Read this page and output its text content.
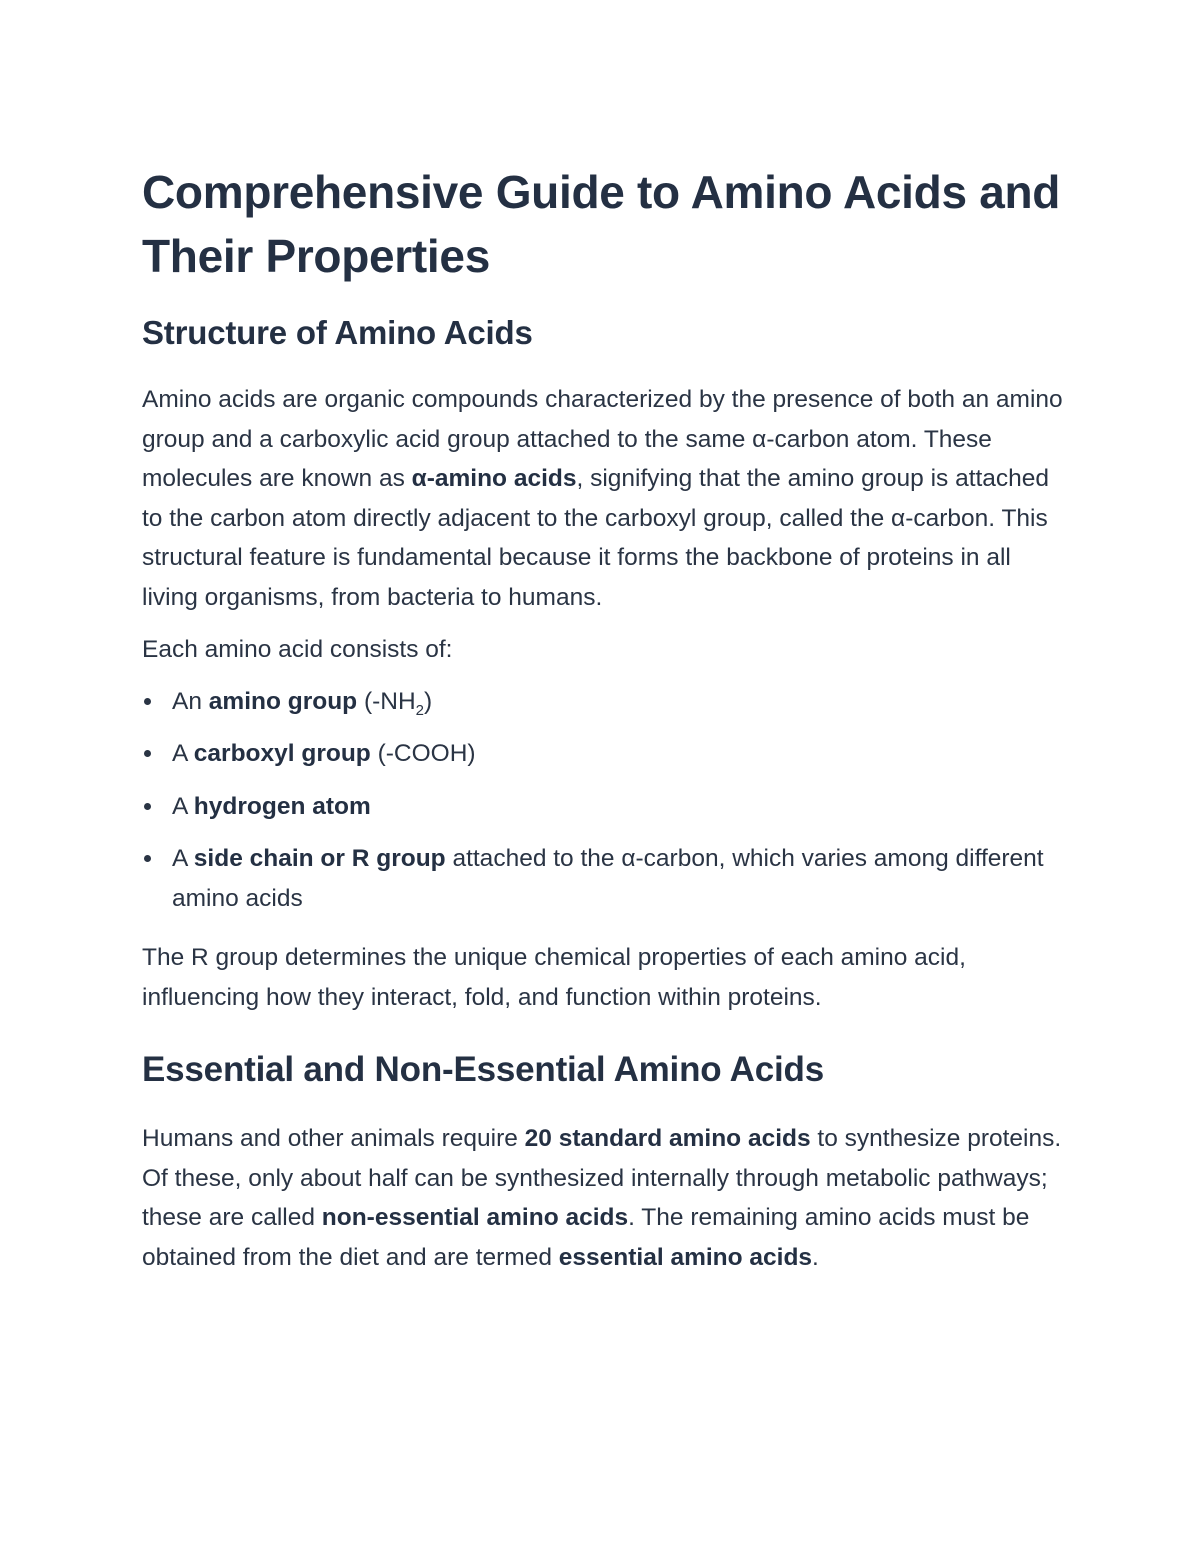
Comprehensive Guide to Amino Acids and Their Properties
Structure of Amino Acids

Amino acids are organic compounds characterized by the presence of both an amino group and a carboxylic acid group attached to the same α-carbon atom. These molecules are known as α-amino acids, signifying that the amino group is attached to the carbon atom directly adjacent to the carboxyl group, called the α-carbon. This structural feature is fundamental because it forms the backbone of proteins in all living organisms, from bacteria to humans.

Each amino acid consists of:

An amino group $(-NH_2)$
A carboxyl group (-COOH)
A hydrogen atom
A side chain or R group attached to the α-carbon, which varies among different amino acids

The R group determines the unique chemical properties of each amino acid, influencing how they interact, fold, and function within proteins.

Essential and Non-Essential Amino Acids

Humans and other animals require 20 standard amino acids to synthesize proteins. Of these, only about half can be synthesized internally through metabolic pathways; these are called non-essential amino acids. The remaining amino acids must be obtained from the diet and are termed essential amino acids.
